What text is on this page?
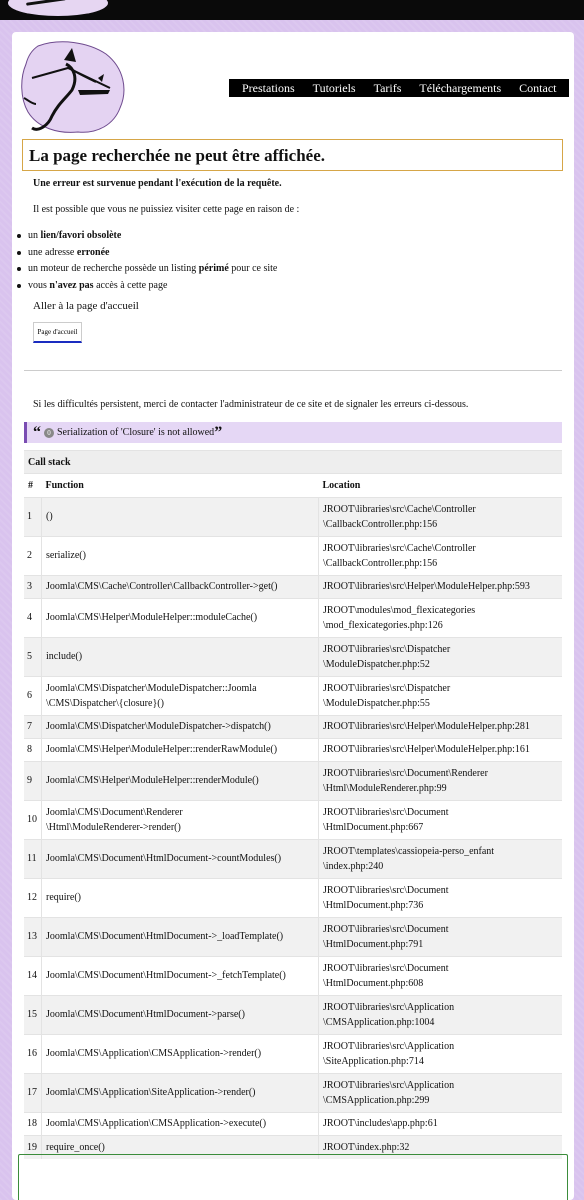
Prestations	Tutoriels	Tarifs	Téléchargements	Contact
La page recherchée ne peut être affichée.
Une erreur est survenue pendant l'exécution de la requête.
Il est possible que vous ne puissiez visiter cette page en raison de :
un lien/favori obsolète
une adresse erronée
un moteur de recherche possède un listing périmé pour ce site
vous n'avez pas accès à cette page
Aller à la page d'accueil
Page d'accueil
Si les difficultés persistent, merci de contacter l'administrateur de ce site et de signaler les erreurs ci-dessous.
“ 0 Serialization of 'Closure' is not allowed ”
Call stack		
#	Function	Location
1	()	JROOT\libraries\src\Cache\Controller
\CallbackController.php:156
2	serialize()	JROOT\libraries\src\Cache\Controller
\CallbackController.php:156
3	Joomla\CMS\Cache\Controller\CallbackController->get()	JROOT\libraries\src\Helper\ModuleHelper.php:593
4	Joomla\CMS\Helper\ModuleHelper::moduleCache()	JROOT\modules\mod_flexicategories
\mod_flexicategories.php:126
5	include()	JROOT\libraries\src\Dispatcher
\ModuleDispatcher.php:52
6	Joomla\CMS\Dispatcher\ModuleDispatcher::Joomla
\CMS\Dispatcher\{closure}()	JROOT\libraries\src\Dispatcher
\ModuleDispatcher.php:55
7	Joomla\CMS\Dispatcher\ModuleDispatcher->dispatch()	JROOT\libraries\src\Helper\ModuleHelper.php:281
8	Joomla\CMS\Helper\ModuleHelper::renderRawModule()	JROOT\libraries\src\Helper\ModuleHelper.php:161
9	Joomla\CMS\Helper\ModuleHelper::renderModule()	JROOT\libraries\src\Document\Renderer
\Html\ModuleRenderer.php:99
10	Joomla\CMS\Document\Renderer
\Html\ModuleRenderer->render()	JROOT\libraries\src\Document
\HtmlDocument.php:667
11	Joomla\CMS\Document\HtmlDocument->countModules()	JROOT\templates\cassiopeia-perso_enfant
\index.php:240
12	require()	JROOT\libraries\src\Document
\HtmlDocument.php:736
13	Joomla\CMS\Document\HtmlDocument->_loadTemplate()	JROOT\libraries\src\Document
\HtmlDocument.php:791
14	Joomla\CMS\Document\HtmlDocument->_fetchTemplate()	JROOT\libraries\src\Document
\HtmlDocument.php:608
15	Joomla\CMS\Document\HtmlDocument->parse()	JROOT\libraries\src\Application
\CMSApplication.php:1004
16	Joomla\CMS\Application\CMSApplication->render()	JROOT\libraries\src\Application
\SiteApplication.php:714
17	Joomla\CMS\Application\SiteApplication->render()	JROOT\libraries\src\Application
\CMSApplication.php:299
18	Joomla\CMS\Application\CMSApplication->execute()	JROOT\includes\app.php:61
19	require_once()	JROOT\index.php:32
